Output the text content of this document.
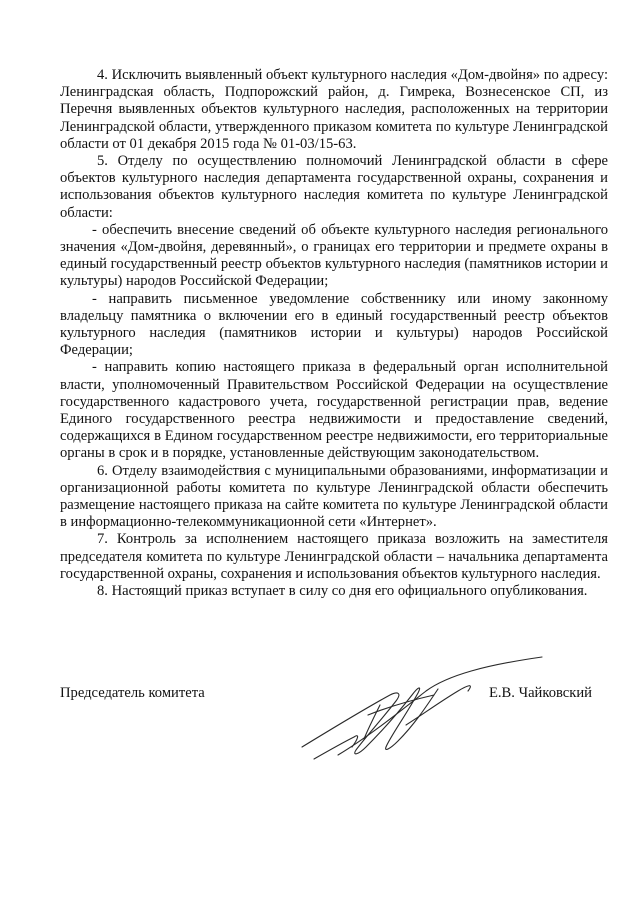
4. Исключить выявленный объект культурного наследия «Дом-двойня» по адресу: Ленинградская область, Подпорожский район, д. Гимрека, Вознесенское СП, из Перечня выявленных объектов культурного наследия, расположенных на территории Ленинградской области, утвержденного приказом комитета по культуре Ленинградской области от 01 декабря 2015 года № 01-03/15-63.

5. Отделу по осуществлению полномочий Ленинградской области в сфере объектов культурного наследия департамента государственной охраны, сохранения и использования объектов культурного наследия комитета по культуре Ленинградской области:

- обеспечить внесение сведений об объекте культурного наследия регионального значения «Дом-двойня, деревянный», о границах его территории и предмете охраны в единый государственный реестр объектов культурного наследия (памятников истории и культуры) народов Российской Федерации;

- направить письменное уведомление собственнику или иному законному владельцу памятника о включении его в единый государственный реестр объектов культурного наследия (памятников истории и культуры) народов Российской Федерации;

- направить копию настоящего приказа в федеральный орган исполнительной власти, уполномоченный Правительством Российской Федерации на осуществление государственного кадастрового учета, государственной регистрации прав, ведение Единого государственного реестра недвижимости и предоставление сведений, содержащихся в Едином государственном реестре недвижимости, его территориальные органы в срок и в порядке, установленные действующим законодательством.

6. Отделу взаимодействия с муниципальными образованиями, информатизации и организационной работы комитета по культуре Ленинградской области обеспечить размещение настоящего приказа на сайте комитета по культуре Ленинградской области в информационно-телекоммуникационной сети «Интернет».

7. Контроль за исполнением настоящего приказа возложить на заместителя председателя комитета по культуре Ленинградской области – начальника департамента государственной охраны, сохранения и использования объектов культурного наследия.

8. Настоящий приказ вступает в силу со дня его официального опубликования.

Председатель комитета	Е.В. Чайковский
